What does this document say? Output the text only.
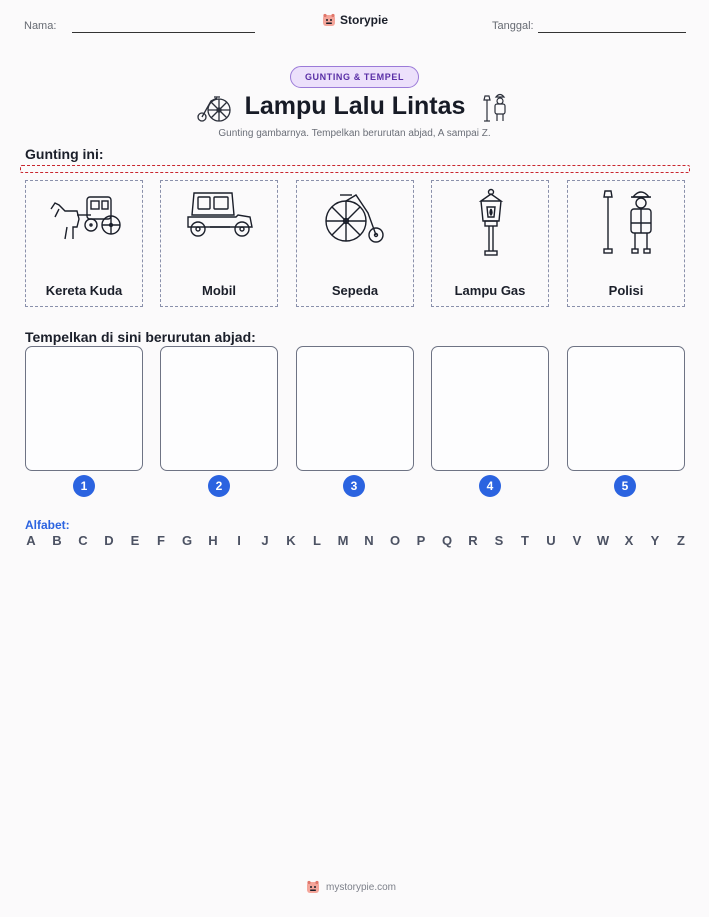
Nama:	Storypie	Tanggal:
GUNTING & TEMPEL
Lampu Lalu Lintas
Gunting gambarnya. Tempelkan berurutan abjad, A sampai Z.
Gunting ini:
Kereta Kuda	Mobil	Sepeda	Lampu Gas	Polisi
Tempelkan di sini berurutan abjad:
1	2	3	4	5
Alfabet:
A B C D E F G H	I	J K L M N O P Q R S T U V W X Y Z
mystorypie.com
